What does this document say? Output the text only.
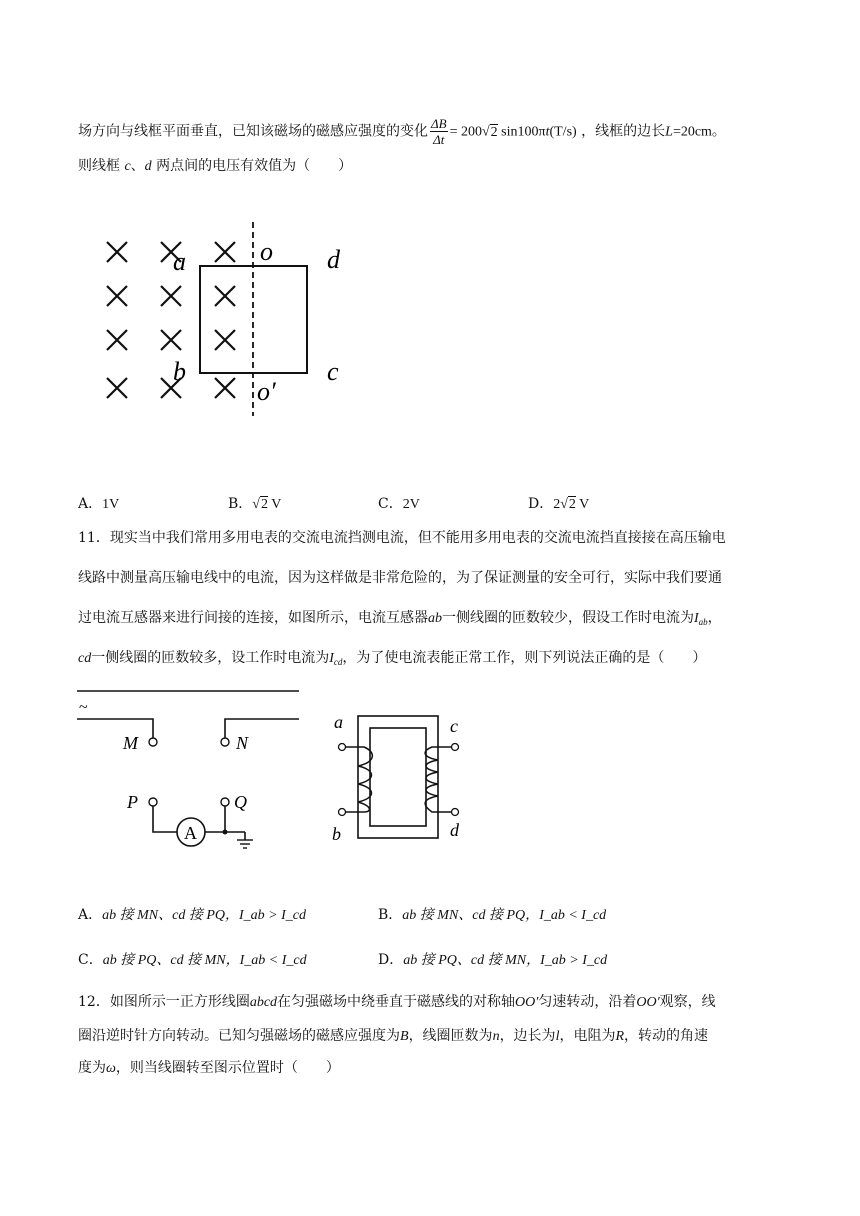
场方向与线框平面垂直，已知该磁场的磁感应强度的变化 $\frac{\Delta B}{\Delta t} = 200√2$ sin100πt(T/s) ，线框的边长L=20cm。
则线框 c、d 两点间的电压有效值为（　　）
a	o d
b
o′
c
A．1V	B．√2 V	C．2V	D．2√2 V
11．现实当中我们常用多用电表的交流电流挡测电流，但不能用多用电表的交流电流挡直接接在高压输电
线路中测量高压输电线中的电流，因为这样做是非常危险的，为了保证测量的安全可行，实际中我们要通
过电流互感器来进行间接的连接，如图所示，电流互感器ab一侧线圈的匝数较少，假设工作时电流为$I_{ab}$，
cd一侧线圈的匝数较多，设工作时电流为$I_{cd}$，为了使电流表能正常工作，则下列说法正确的是（　　）
~
M	N
P	Q
A
a
b
c
d
A．ab 接 MN、cd 接 PQ，I_ab > I_cd	B．ab 接 MN、cd 接 PQ，I_ab < I_cd
C．ab 接 PQ、cd 接 MN，I_ab < I_cd	D．ab 接 PQ、cd 接 MN，I_ab > I_cd
12．如图所示一正方形线圈abcd在匀强磁场中绕垂直于磁感线的对称轴OO′匀速转动，沿着OO′观察，线
圈沿逆时针方向转动。已知匀强磁场的磁感应强度为B，线圈匝数为n，边长为l，电阻为R，转动的角速
度为ω，则当线圈转至图示位置时（　　）
